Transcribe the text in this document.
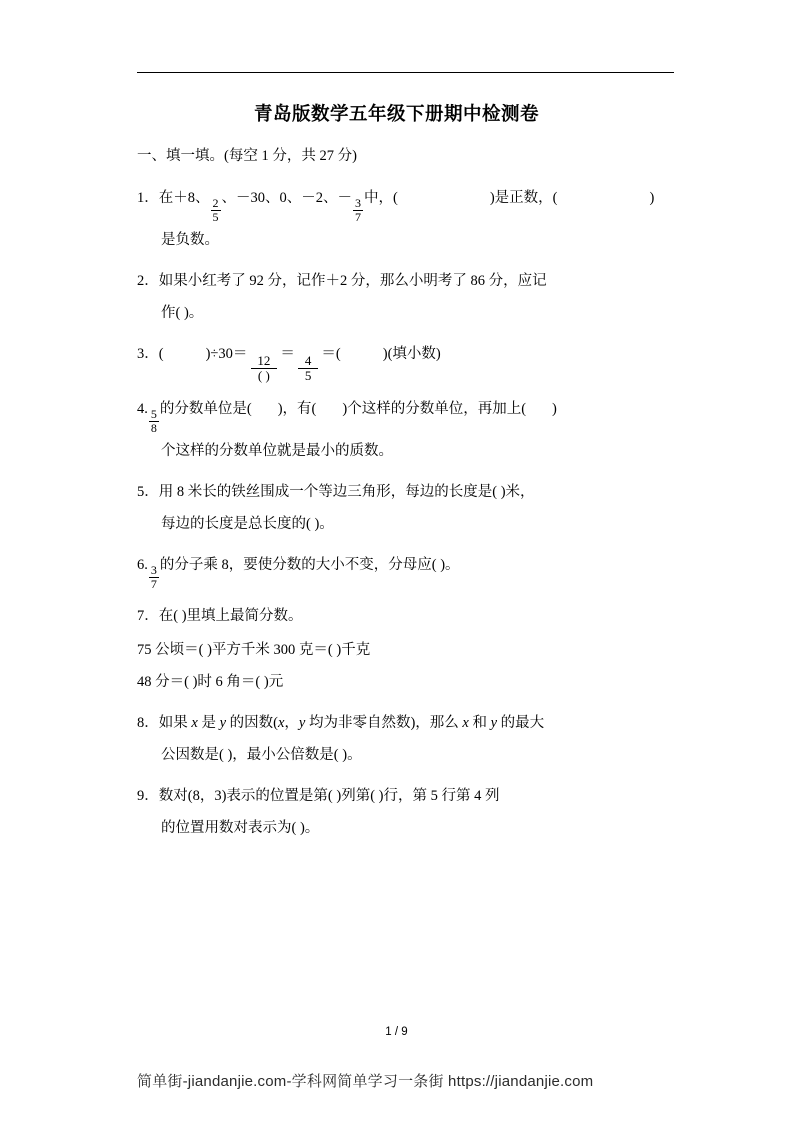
青岛版数学五年级下册期中检测卷
一、填一填。(每空 1 分，共 27 分)
1．在＋8、 $\frac{2}{5}$ 、－30、0、－2、－ $\frac{3}{7}$ 中，(	)是正数，(	)
是负数。
2．如果小红考了 92 分，记作＋2 分，那么小明考了 86 分，应记
作( )。
3．(	)$\div 30= \frac{12}{( )} = \frac{4}{5}$ ＝(	)(填小数)
4. $\frac{5}{8}$ 的分数单位是( )，有( )个这样的分数单位，再加上( )
个这样的分数单位就是最小的质数。
5．用 8 米长的铁丝围成一个等边三角形，每边的长度是( )米，
每边的长度是总长度的( )。
6. $\frac{3}{7}$ 的分子乘 8，要使分数的大小不变，分母应( )。
7．在( )里填上最简分数。
75 公顷＝( )平方千米 300 克＝( )千克
48 分＝( )时 6 角＝( )元
8．如果 x 是 y 的因数(x，y 均为非零自然数)，那么 x 和 y 的最大
公因数是( )，最小公倍数是( )。
9．数对(8，3)表示的位置是第( )列第( )行，第 5 行第 4 列
的位置用数对表示为( )。
1 / 9
简单街-jiandanjie.com-学科网简单学习一条街 https://jiandanjie.com
